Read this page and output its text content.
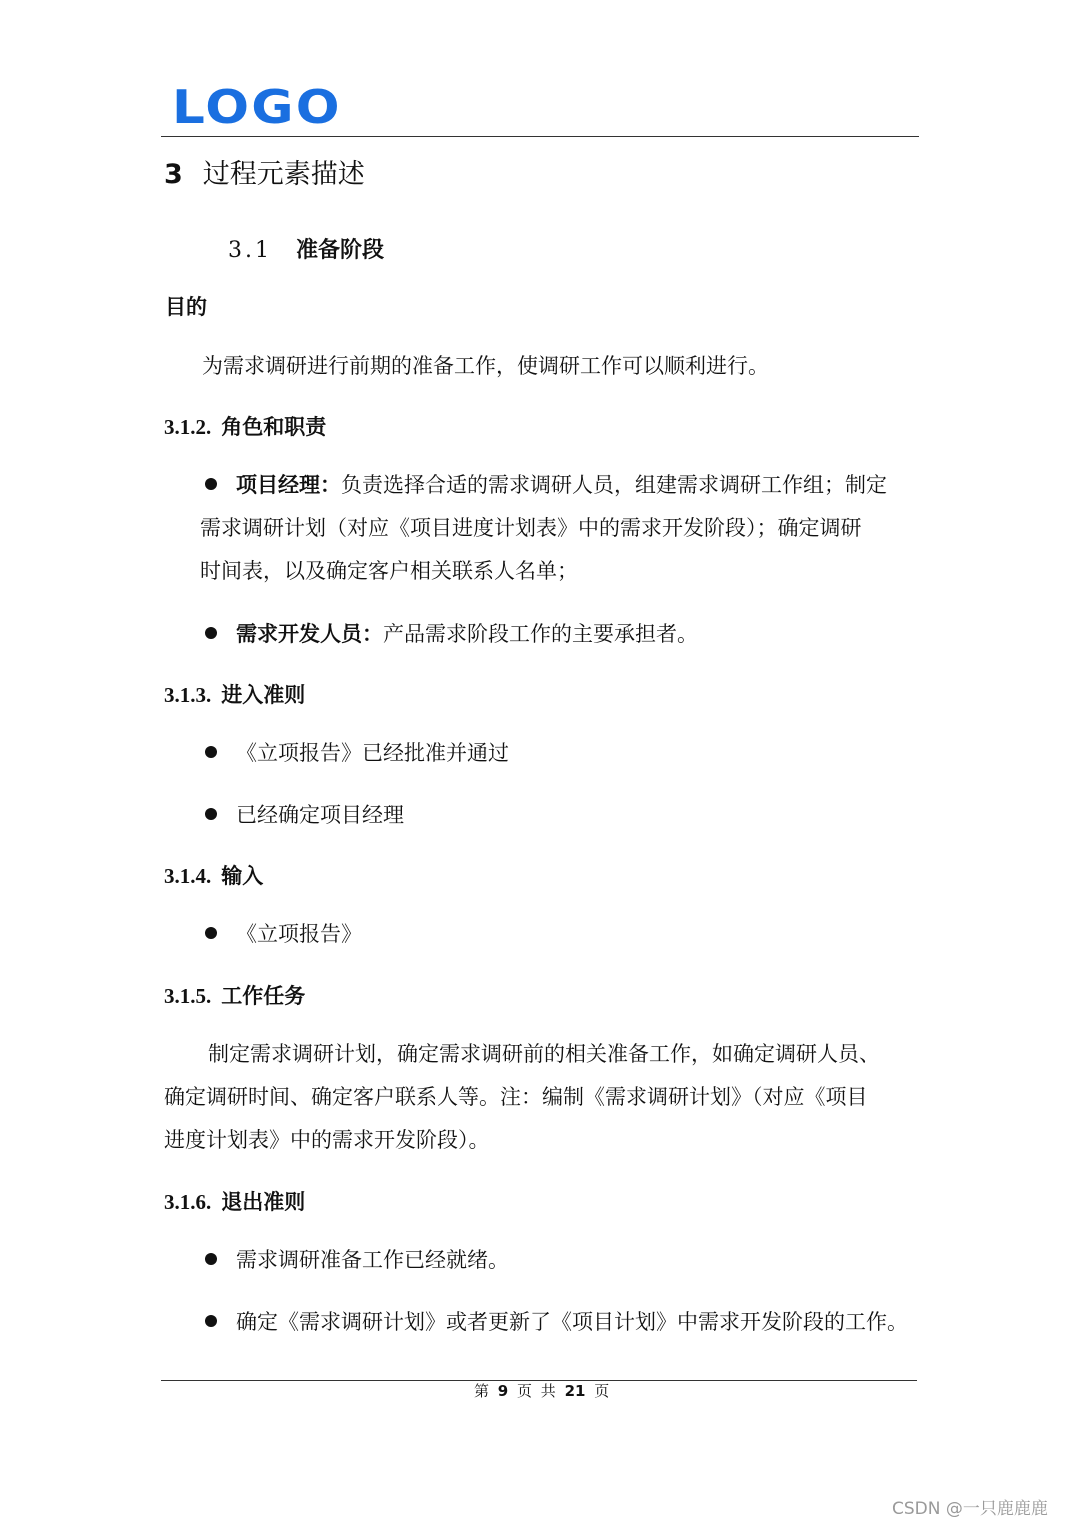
LOGO
3 过程元素描述
3.1 准备阶段
目的
为需求调研进行前期的准备工作，使调研工作可以顺利进行。
3.1.2. 角色和职责
项目经理：负责选择合适的需求调研人员，组建需求调研工作组；制定
需求调研计划（对应《项目进度计划表》中的需求开发阶段）；确定调研
时间表，以及确定客户相关联系人名单；
需求开发人员：产品需求阶段工作的主要承担者。
3.1.3. 进入准则
《立项报告》已经批准并通过
已经确定项目经理
3.1.4. 输入
《立项报告》
3.1.5. 工作任务
制定需求调研计划，确定需求调研前的相关准备工作，如确定调研人员、
确定调研时间、确定客户联系人等。注：编制《需求调研计划》（对应《项目
进度计划表》中的需求开发阶段）。
3.1.6. 退出准则
需求调研准备工作已经就绪。
确定《需求调研计划》或者更新了《项目计划》中需求开发阶段的工作。
第 9 页 共 21 页
CSDN @一只鹿鹿鹿
